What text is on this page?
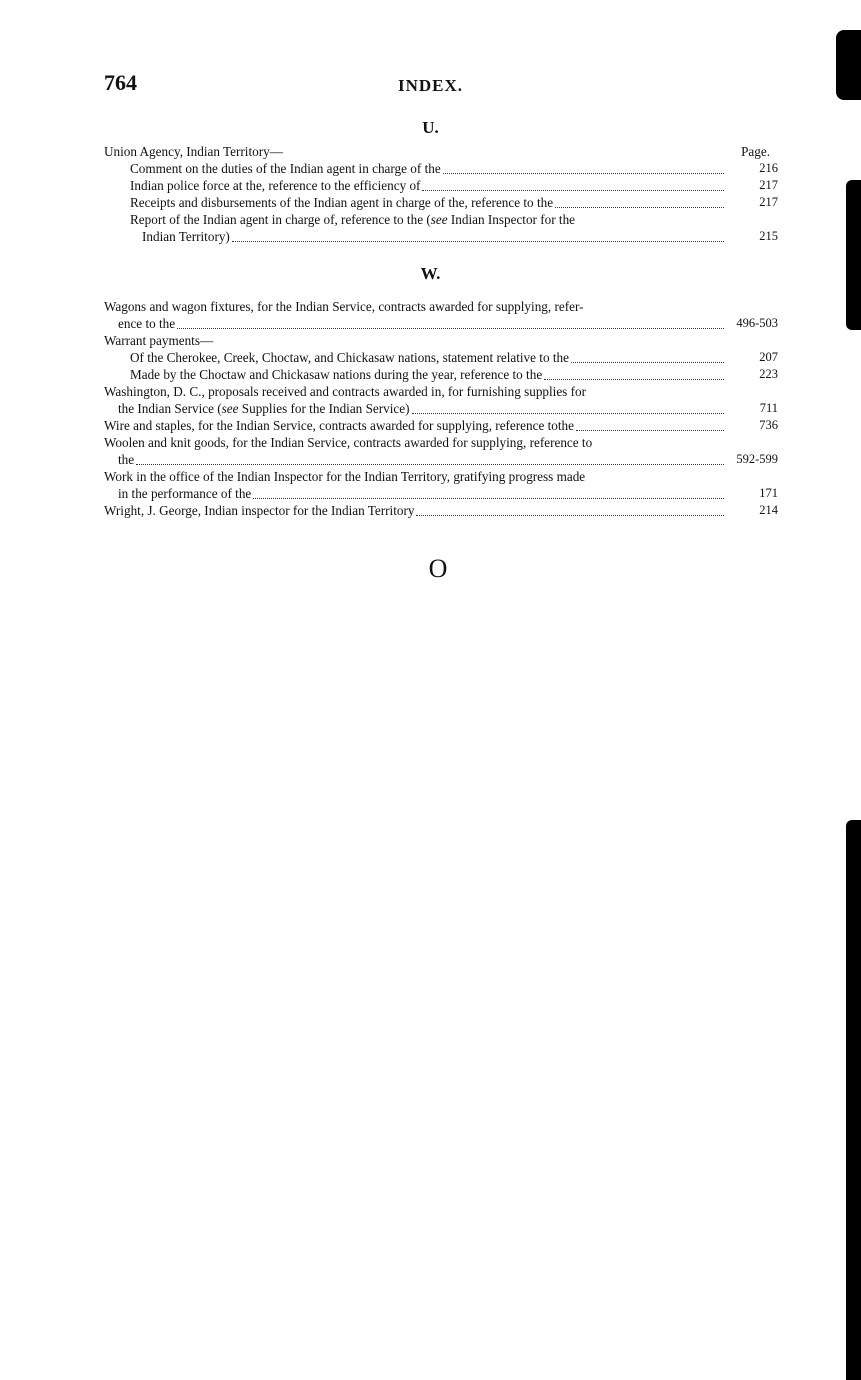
764	INDEX.
U.
Union Agency, Indian Territory—	Page.
Comment on the duties of the Indian agent in charge of the	216
Indian police force at the, reference to the efficiency of	217
Receipts and disbursements of the Indian agent in charge of the, reference to the	217
Report of the Indian agent in charge of, reference to the (see Indian Inspector for the
Indian Territory)	215
W.
Wagons and wagon fixtures, for the Indian Service, contracts awarded for supplying, refer-
ence to the	496-503
Warrant payments—
Of the Cherokee, Creek, Choctaw, and Chickasaw nations, statement relative to the	207
Made by the Choctaw and Chickasaw nations during the year, reference to the	223
Washington, D. C., proposals received and contracts awarded in, for furnishing supplies for
the Indian Service (see Supplies for the Indian Service)	711
Wire and staples, for the Indian Service, contracts awarded for supplying, reference tothe	736
Woolen and knit goods, for the Indian Service, contracts awarded for supplying, reference to
the	592-599
Work in the office of the Indian Inspector for the Indian Territory, gratifying progress made
in the performance of the	171
Wright, J. George, Indian inspector for the Indian Territory	214
O
